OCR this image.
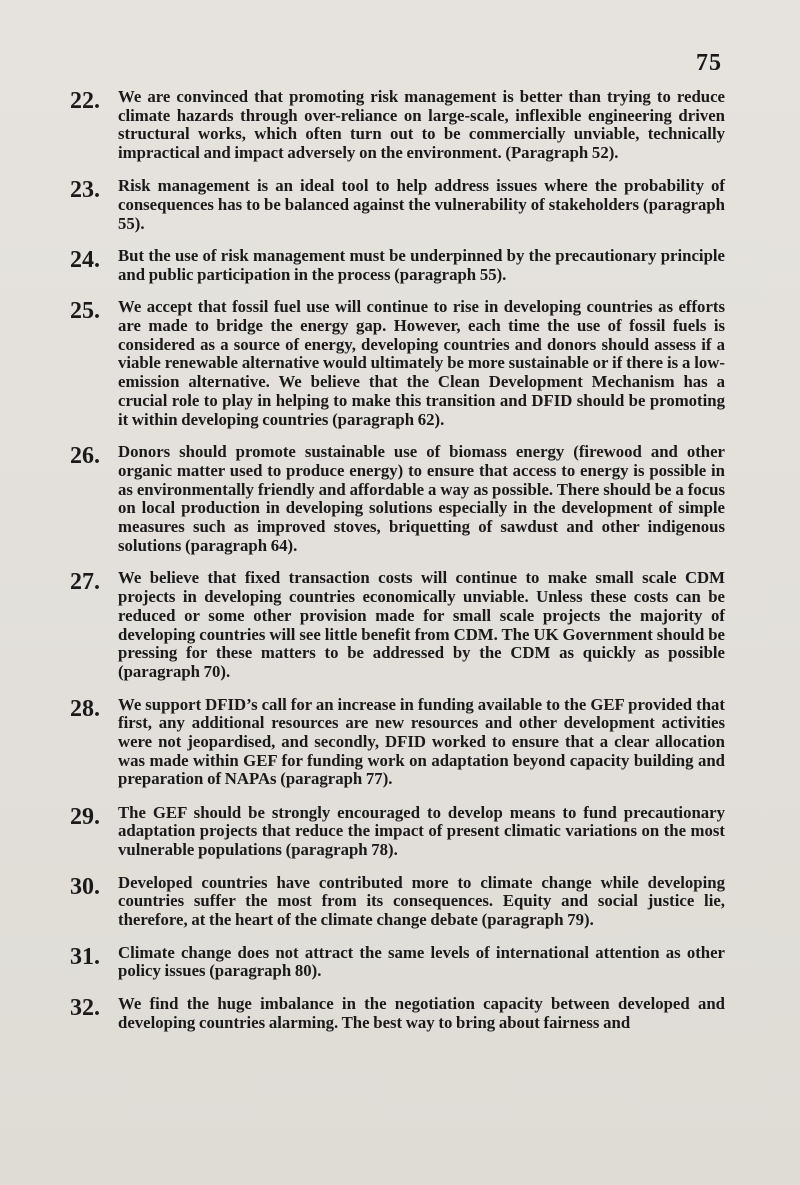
75
22. We are convinced that promoting risk management is better than trying to reduce climate hazards through over-reliance on large-scale, inflexible engineering driven structural works, which often turn out to be commercially unviable, technically impractical and impact adversely on the environment. (Paragraph 52).
23. Risk management is an ideal tool to help address issues where the probability of consequences has to be balanced against the vulnerability of stakeholders (paragraph 55).
24. But the use of risk management must be underpinned by the precautionary principle and public participation in the process (paragraph 55).
25. We accept that fossil fuel use will continue to rise in developing countries as efforts are made to bridge the energy gap. However, each time the use of fossil fuels is considered as a source of energy, developing countries and donors should assess if a viable renewable alternative would ultimately be more sustainable or if there is a low-emission alternative. We believe that the Clean Development Mechanism has a crucial role to play in helping to make this transition and DFID should be promoting it within developing countries (paragraph 62).
26. Donors should promote sustainable use of biomass energy (firewood and other organic matter used to produce energy) to ensure that access to energy is possible in as environmentally friendly and affordable a way as possible. There should be a focus on local production in developing solutions especially in the development of simple measures such as improved stoves, briquetting of sawdust and other indigenous solutions (paragraph 64).
27. We believe that fixed transaction costs will continue to make small scale CDM projects in developing countries economically unviable. Unless these costs can be reduced or some other provision made for small scale projects the majority of developing countries will see little benefit from CDM. The UK Government should be pressing for these matters to be addressed by the CDM as quickly as possible (paragraph 70).
28. We support DFID’s call for an increase in funding available to the GEF provided that first, any additional resources are new resources and other development activities were not jeopardised, and secondly, DFID worked to ensure that a clear allocation was made within GEF for funding work on adaptation beyond capacity building and preparation of NAPAs (paragraph 77).
29. The GEF should be strongly encouraged to develop means to fund precautionary adaptation projects that reduce the impact of present climatic variations on the most vulnerable populations (paragraph 78).
30. Developed countries have contributed more to climate change while developing countries suffer the most from its consequences. Equity and social justice lie, therefore, at the heart of the climate change debate (paragraph 79).
31. Climate change does not attract the same levels of international attention as other policy issues (paragraph 80).
32. We find the huge imbalance in the negotiation capacity between developed and developing countries alarming. The best way to bring about fairness and
